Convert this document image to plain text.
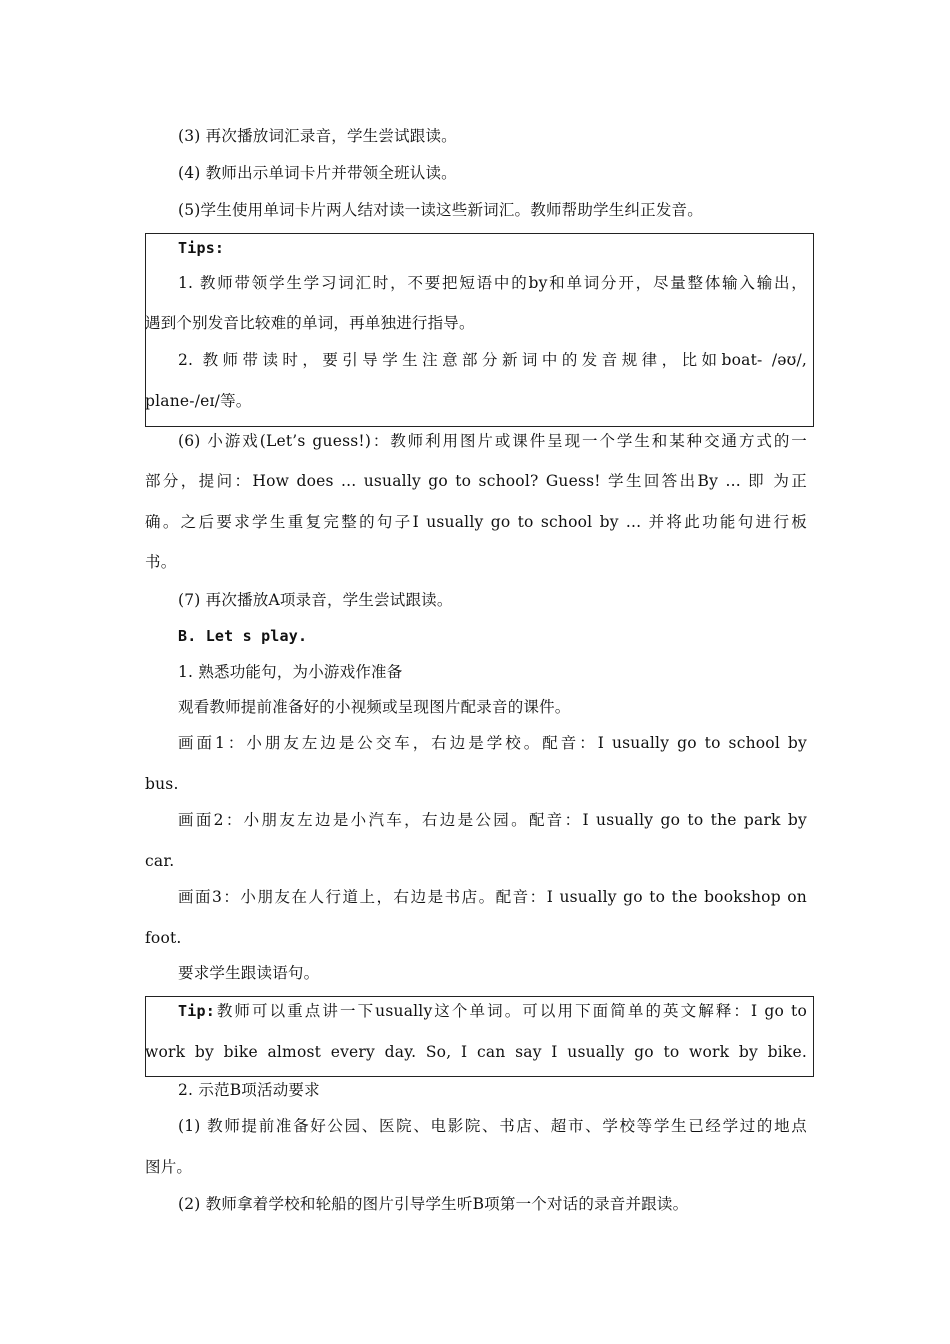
(3) 再次播放词汇录音，学生尝试跟读。
(4) 教师出示单词卡片并带领全班认读。
(5)学生使用单词卡片两人结对读一读这些新词汇。教师帮助学生纠正发音。
Tips:
1. 教师带领学生学习词汇时，不要把短语中的by和单词分开，尽量整体输入输出，
遇到个别发音比较难的单词，再单独进行指导。
2. 教师带读时，要引导学生注意部分新词中的发音规律，比如boat- /əʊ/,
plane-/eɪ/等。
(6) 小游戏(Let’s guess!)：教师利用图片或课件呈现一个学生和某种交通方式的一
部分，提问：How does ... usually go to school? Guess! 学生回答出By ... 即 为正
确。之后要求学生重复完整的句子I usually go to school by ... 并将此功能句进行板
书。
(7) 再次播放A项录音，学生尝试跟读。
B. Let s play.
1. 熟悉功能句，为小游戏作准备
观看教师提前准备好的小视频或呈现图片配录音的课件。
画面1：小朋友左边是公交车，右边是学校。配音：I usually go to school by
bus.
画面2：小朋友左边是小汽车，右边是公园。配音：I usually go to the park by
car.
画面3：小朋友在人行道上，右边是书店。配音：I usually go to the bookshop on
foot.
要求学生跟读语句。
Tip:教师可以重点讲一下usually这个单词。可以用下面简单的英文解释：I go to
work by bike almost every day. So, I can say I usually go to work by bike.
2. 示范B项活动要求
(1) 教师提前准备好公园、医院、电影院、书店、超市、学校等学生已经学过的地点
图片。
(2) 教师拿着学校和轮船的图片引导学生听B项第一个对话的录音并跟读。
